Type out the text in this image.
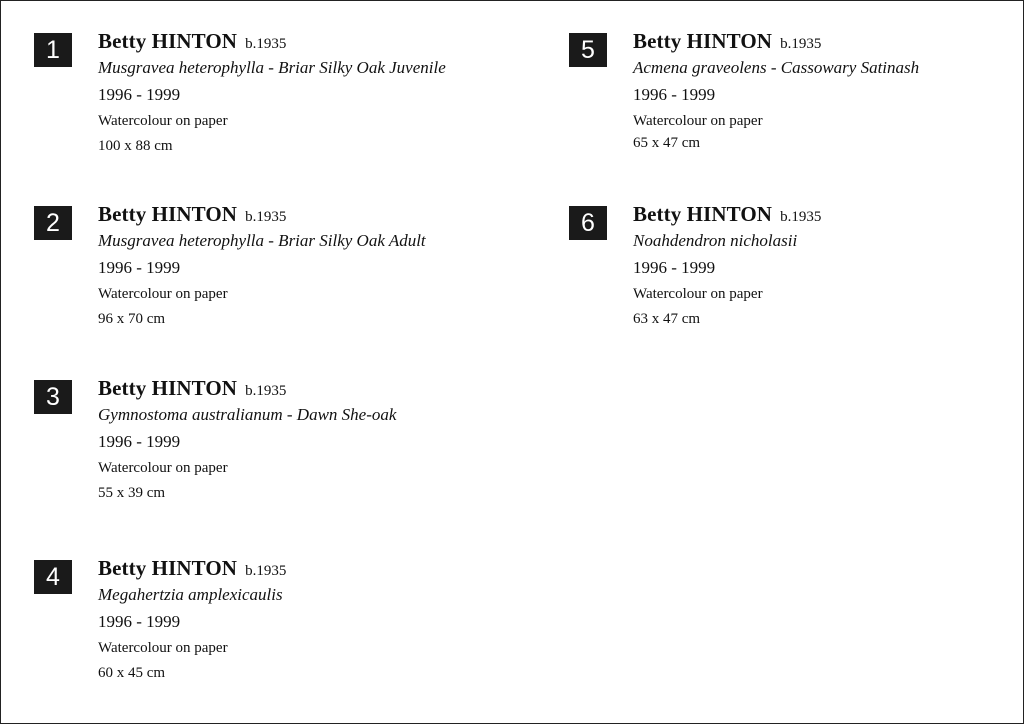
1	Betty HINTON b.1935
Musgravea heterophylla - Briar Silky Oak Juvenile
1996 - 1999
Watercolour on paper
100 x 88 cm
2	Betty HINTON b.1935
Musgravea heterophylla - Briar Silky Oak Adult
1996 - 1999
Watercolour on paper
96 x 70 cm
3	Betty HINTON b.1935
Gymnostoma australianum - Dawn She-oak
1996 - 1999
Watercolour on paper
55 x 39 cm
4	Betty HINTON b.1935
Megahertzia amplexicaulis
1996 - 1999
Watercolour on paper
60 x 45 cm
5	Betty HINTON b.1935
Acmena graveolens - Cassowary Satinash
1996 - 1999
Watercolour on paper
65 x 47 cm
6	Betty HINTON b.1935
Noahdendron nicholasii
1996 - 1999
Watercolour on paper
63 x 47 cm
